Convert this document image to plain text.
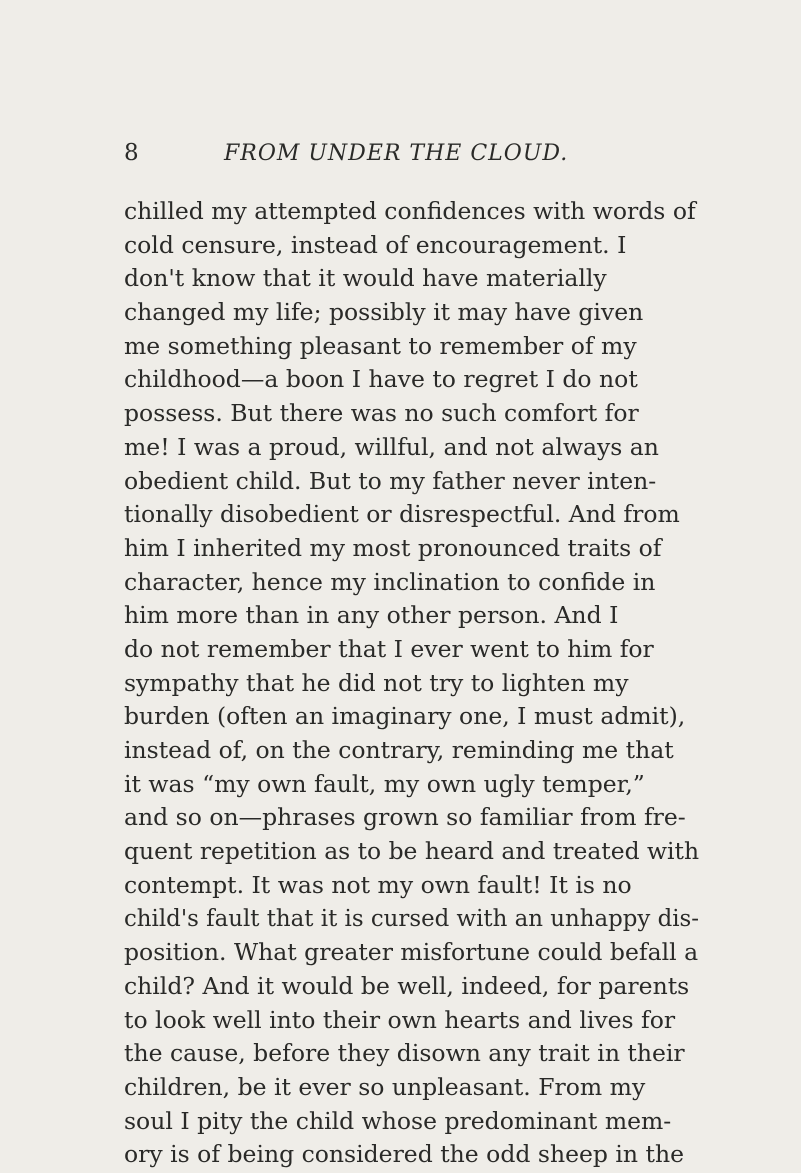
8	FROM UNDER THE CLOUD.
chilled my attempted confidences with words of
cold censure, instead of encouragement. I
don't know that it would have materially
changed my life; possibly it may have given
me something pleasant to remember of my
childhood—a boon I have to regret I do not
possess. But there was no such comfort for
me! I was a proud, willful, and not always an
obedient child. But to my father never inten-
tionally disobedient or disrespectful. And from
him I inherited my most pronounced traits of
character, hence my inclination to confide in
him more than in any other person. And I
do not remember that I ever went to him for
sympathy that he did not try to lighten my
burden (often an imaginary one, I must admit),
instead of, on the contrary, reminding me that
it was “my own fault, my own ugly temper,”
and so on—phrases grown so familiar from fre-
quent repetition as to be heard and treated with
contempt. It was not my own fault! It is no
child's fault that it is cursed with an unhappy dis-
position. What greater misfortune could befall a
child? And it would be well, indeed, for parents
to look well into their own hearts and lives for
the cause, before they disown any trait in their
children, be it ever so unpleasant. From my
soul I pity the child whose predominant mem-
ory is of being considered the odd sheep in the
